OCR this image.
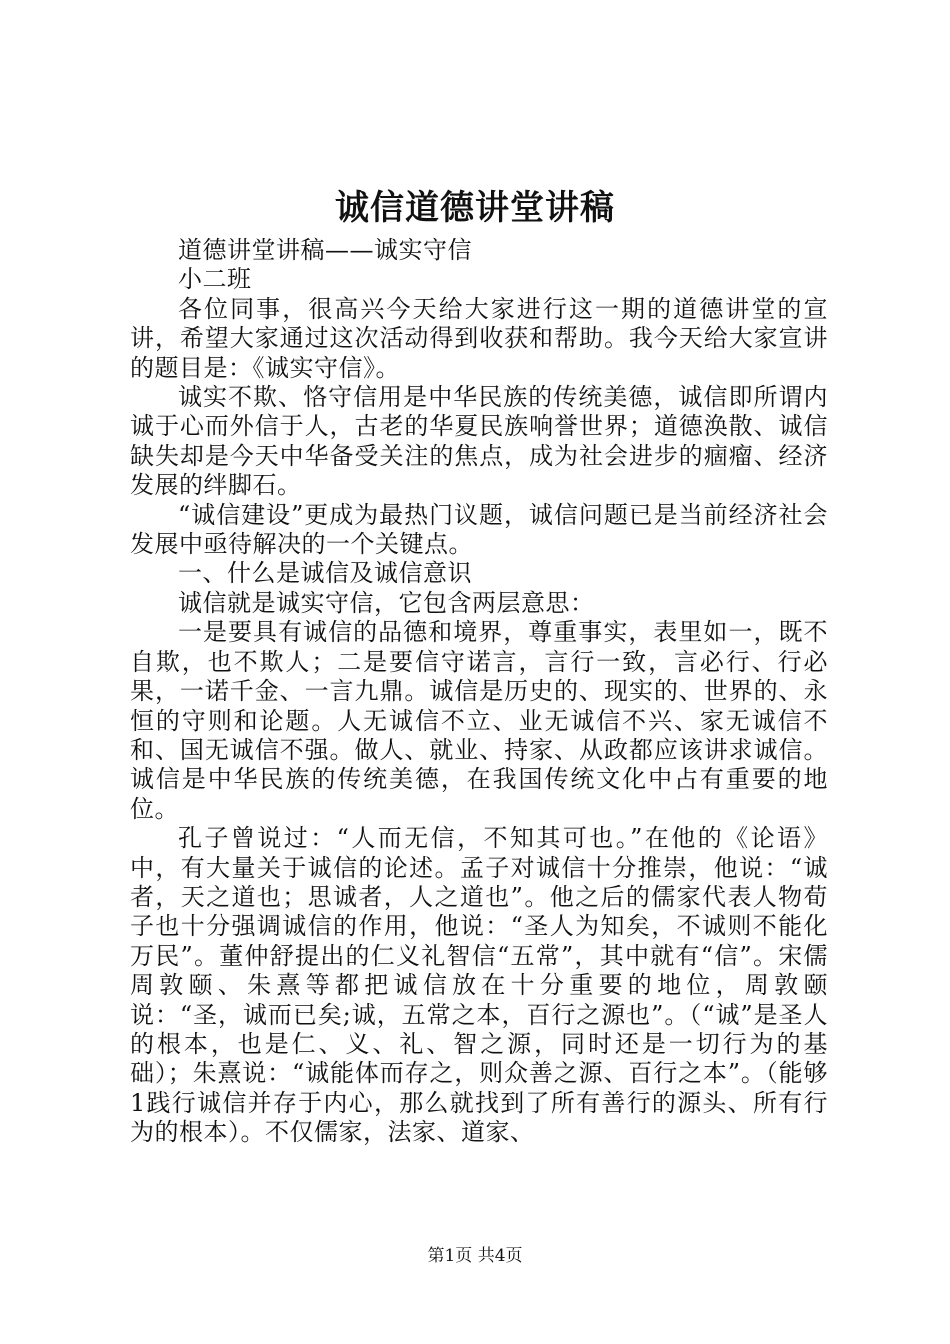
诚信道德讲堂讲稿

道德讲堂讲稿——诚实守信

小二班

各位同事，很高兴今天给大家进行这一期的道德讲堂的宣讲，希望大家通过这次活动得到收获和帮助。我今天给大家宣讲的题目是：《诚实守信》。

诚实不欺、恪守信用是中华民族的传统美德，诚信即所谓内诚于心而外信于人，古老的华夏民族响誉世界；道德涣散、诚信缺失却是今天中华备受关注的焦点，成为社会进步的痼瘤、经济发展的绊脚石。

“诚信建设”更成为最热门议题，诚信问题已是当前经济社会发展中亟待解决的一个关键点。

一、什么是诚信及诚信意识

诚信就是诚实守信，它包含两层意思：

一是要具有诚信的品德和境界，尊重事实，表里如一，既不自欺，也不欺人；二是要信守诺言，言行一致，言必行、行必果，一诺千金、一言九鼎。诚信是历史的、现实的、世界的、永恒的守则和论题。人无诚信不立、业无诚信不兴、家无诚信不和、国无诚信不强。做人、就业、持家、从政都应该讲求诚信。诚信是中华民族的传统美德，在我国传统文化中占有重要的地位。

孔子曾说过：“人而无信，不知其可也。”在他的《论语》中，有大量关于诚信的论述。孟子对诚信十分推崇，他说：“诚者，天之道也；思诚者，人之道也”。他之后的儒家代表人物荀子也十分强调诚信的作用，他说：“圣人为知矣，不诚则不能化万民”。董仲舒提出的仁义礼智信“五常”，其中就有“信”。宋儒周敦颐、朱熹等都把诚信放在十分重要的地位，周敦颐说：“圣，诚而已矣;诚，五常之本，百行之源也”。（“诚”是圣人的根本，也是仁、义、礼、智之源，同时还是一切行为的基础）；朱熹说：“诚能体而存之，则众善之源、百行之本”。（能够1践行诚信并存于内心，那么就找到了所有善行的源头、所有行为的根本）。不仅儒家，法家、道家、

第1页 共4页
